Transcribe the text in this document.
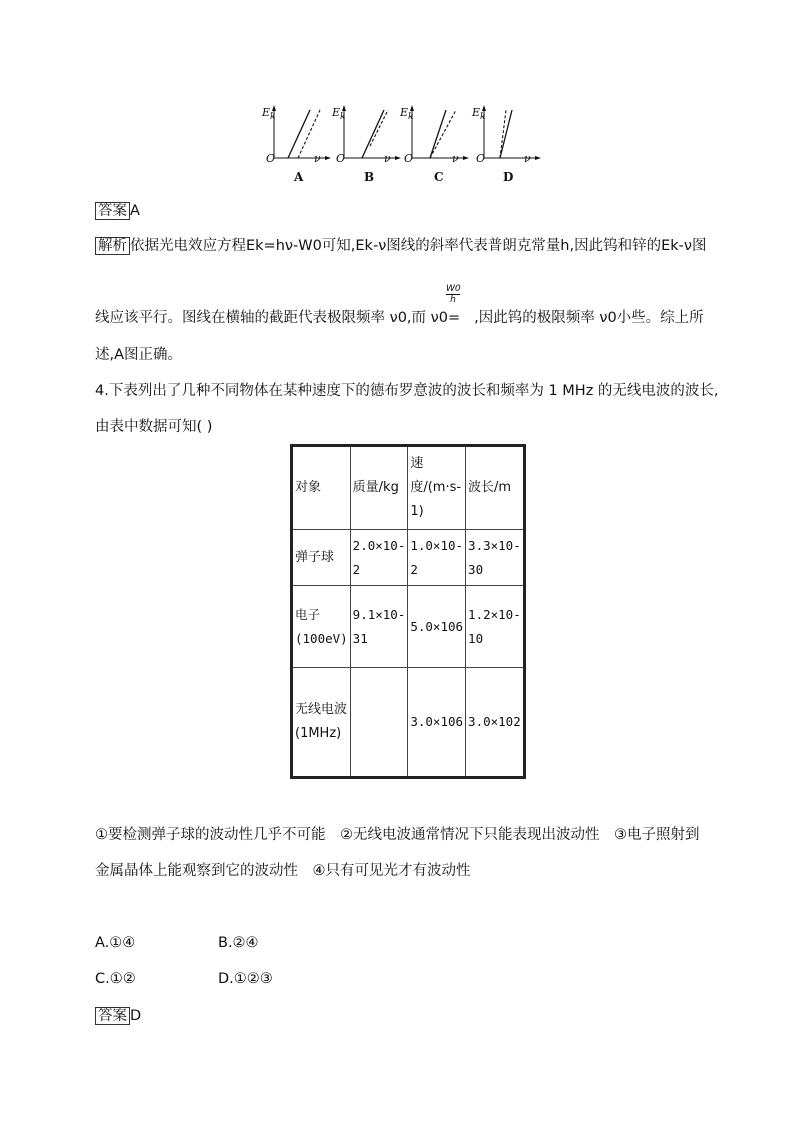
$E_k$
O	ν
$E_k$
O	ν
$E_k$
O	ν
$E_k$
O	ν
A	B	C	D
答案 A
解析 依据光电效应方程Ek=hν-W0可知,Ek-ν图线的斜率代表普朗克常量h,因此钨和锌的Ek-ν图
$\frac{W0}{h}$
线应该平行。图线在横轴的截距代表极限频率 ν0,而 ν0= ,因此钨的极限频率 ν0小些。综上所
述,A图正确。
4.下表列出了几种不同物体在某种速度下的德布罗意波的波长和频率为 1 MHz 的无线电波的波长,
由表中数据可知( )
对象	质量/kg	速度/(m·s-1)	波长/m
弹子球	2.0×10-2	1.0×10-2	3.3×10-30
电子(100eV)	9.1×10-31	5.0×106	1.2×10-10
无线电波(1MHz)		3.0×106	3.0×102
①要检测弹子球的波动性几乎不可能　②无线电波通常情况下只能表现出波动性　③电子照射到
金属晶体上能观察到它的波动性　④只有可见光才有波动性
A.①④	B.②④
C.①②	D.①②③
答案 D
